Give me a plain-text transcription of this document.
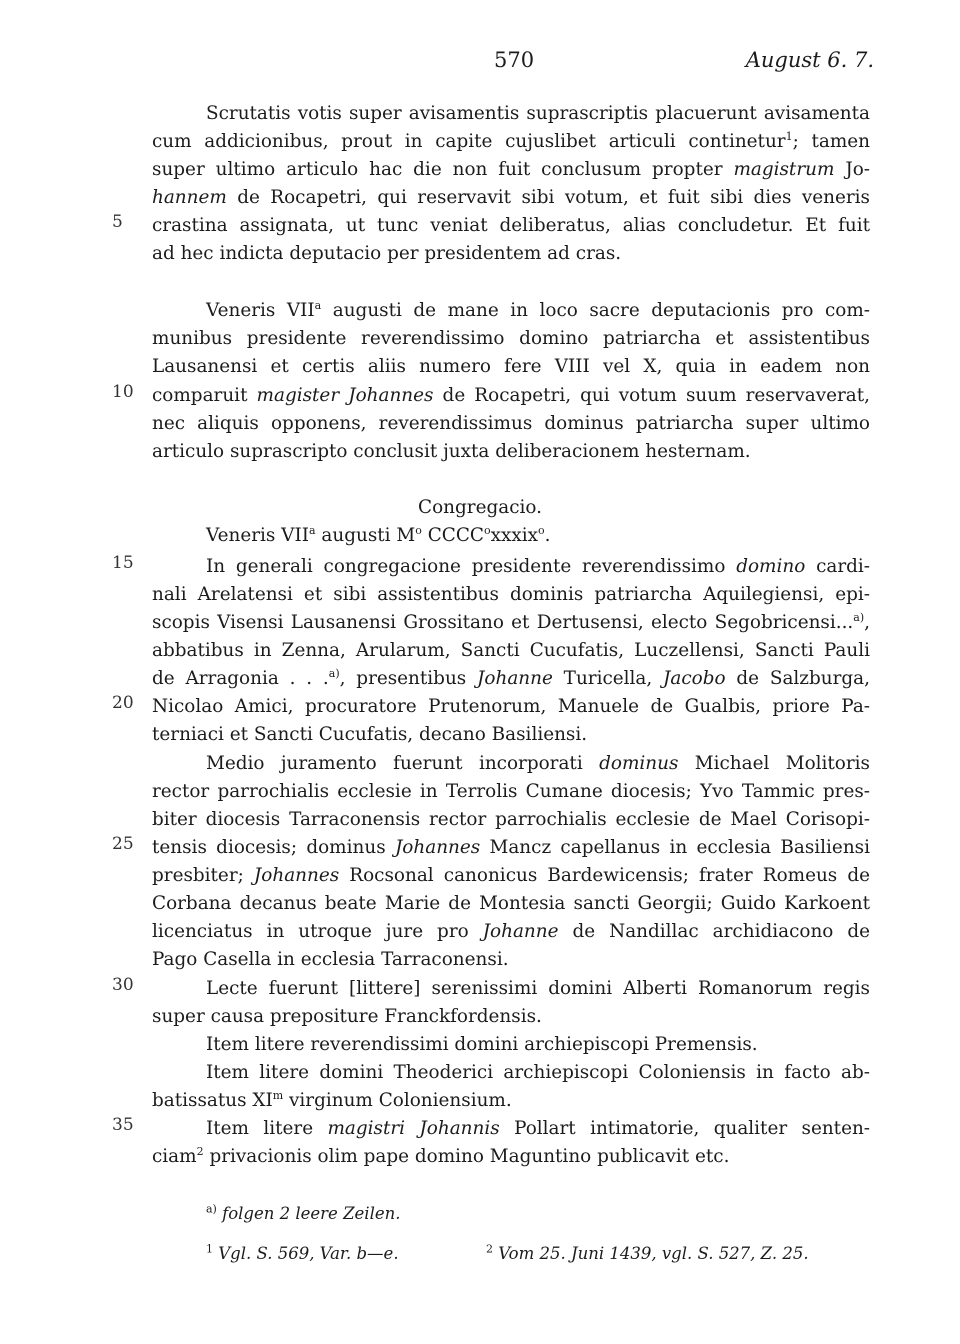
570	August 6. 7.
5
10
15
20
25
30
35
Scrutatis votis super avisamentis suprascriptis placuerunt avisamenta
cum addicionibus, prout in capite cujuslibet articuli continetur$^1$; tamen
super ultimo articulo hac die non fuit conclusum propter magistrum Jo-
hannem de Rocapetri, qui reservavit sibi votum, et fuit sibi dies veneris
crastina assignata, ut tunc veniat deliberatus, alias concludetur. Et fuit
ad hec indicta deputacio per presidentem ad cras.
Veneris VII$^a$ augusti de mane in loco sacre deputacionis pro com-
munibus presidente reverendissimo domino patriarcha et assistentibus
Lausanensi et certis aliis numero fere VIII vel X, quia in eadem non
comparuit magister Johannes de Rocapetri, qui votum suum reservaverat,
nec aliquis opponens, reverendissimus dominus patriarcha super ultimo
articulo suprascripto conclusit juxta deliberacionem hesternam.
Congregacio.
Veneris VII$^a$ augusti $M^o$ CCCC$^o$xxxix$^o$.
In generali congregacione presidente reverendissimo domino cardi-
nali Arelatensi et sibi assistentibus dominis patriarcha Aquilegiensi, epi-
scopis Visensi Lausanensi Grossitano et Dertusensi, electo Segobricensi...$^{a)}$,
abbatibus in Zenna, Arularum, Sancti Cucufatis, Luczellensi, Sancti Pauli
de Arragonia . . .$^{a)}$, presentibus Johanne Turicella, Jacobo de Salzburga,
Nicolao Amici, procuratore Prutenorum, Manuele de Gualbis, priore Pa-
terniaci et Sancti Cucufatis, decano Basiliensi.
Medio juramento fuerunt incorporati dominus Michael Molitoris
rector parrochialis ecclesie in Terrolis Cumane diocesis; Yvo Tammic pres-
biter diocesis Tarraconensis rector parrochialis ecclesie de Mael Corisopi-
tensis diocesis; dominus Johannes Mancz capellanus in ecclesia Basiliensi
presbiter; Johannes Rocsonal canonicus Bardewicensis; frater Romeus de
Corbana decanus beate Marie de Montesia sancti Georgii; Guido Karkoent
licenciatus in utroque jure pro Johanne de Nandillac archidiacono de
Pago Casella in ecclesia Tarraconensi.
Lecte fuerunt [littere] serenissimi domini Alberti Romanorum regis
super causa prepositure Franckfordensis.
Item litere reverendissimi domini archiepiscopi Premensis.
Item litere domini Theoderici archiepiscopi Coloniensis in facto ab-
batissatus $XI^m$ virginum Coloniensium.
Item litere magistri Johannis Pollart intimatorie, qualiter senten-
ciam$^2$ privacionis olim pape domino Maguntino publicavit etc.
$^{a)}$ folgen 2 leere Zeilen.
$^1$ Vgl. S. 569, Var. b—e.	$^2$ Vom 25. Juni 1439, vgl. S. 527, Z. 25.
